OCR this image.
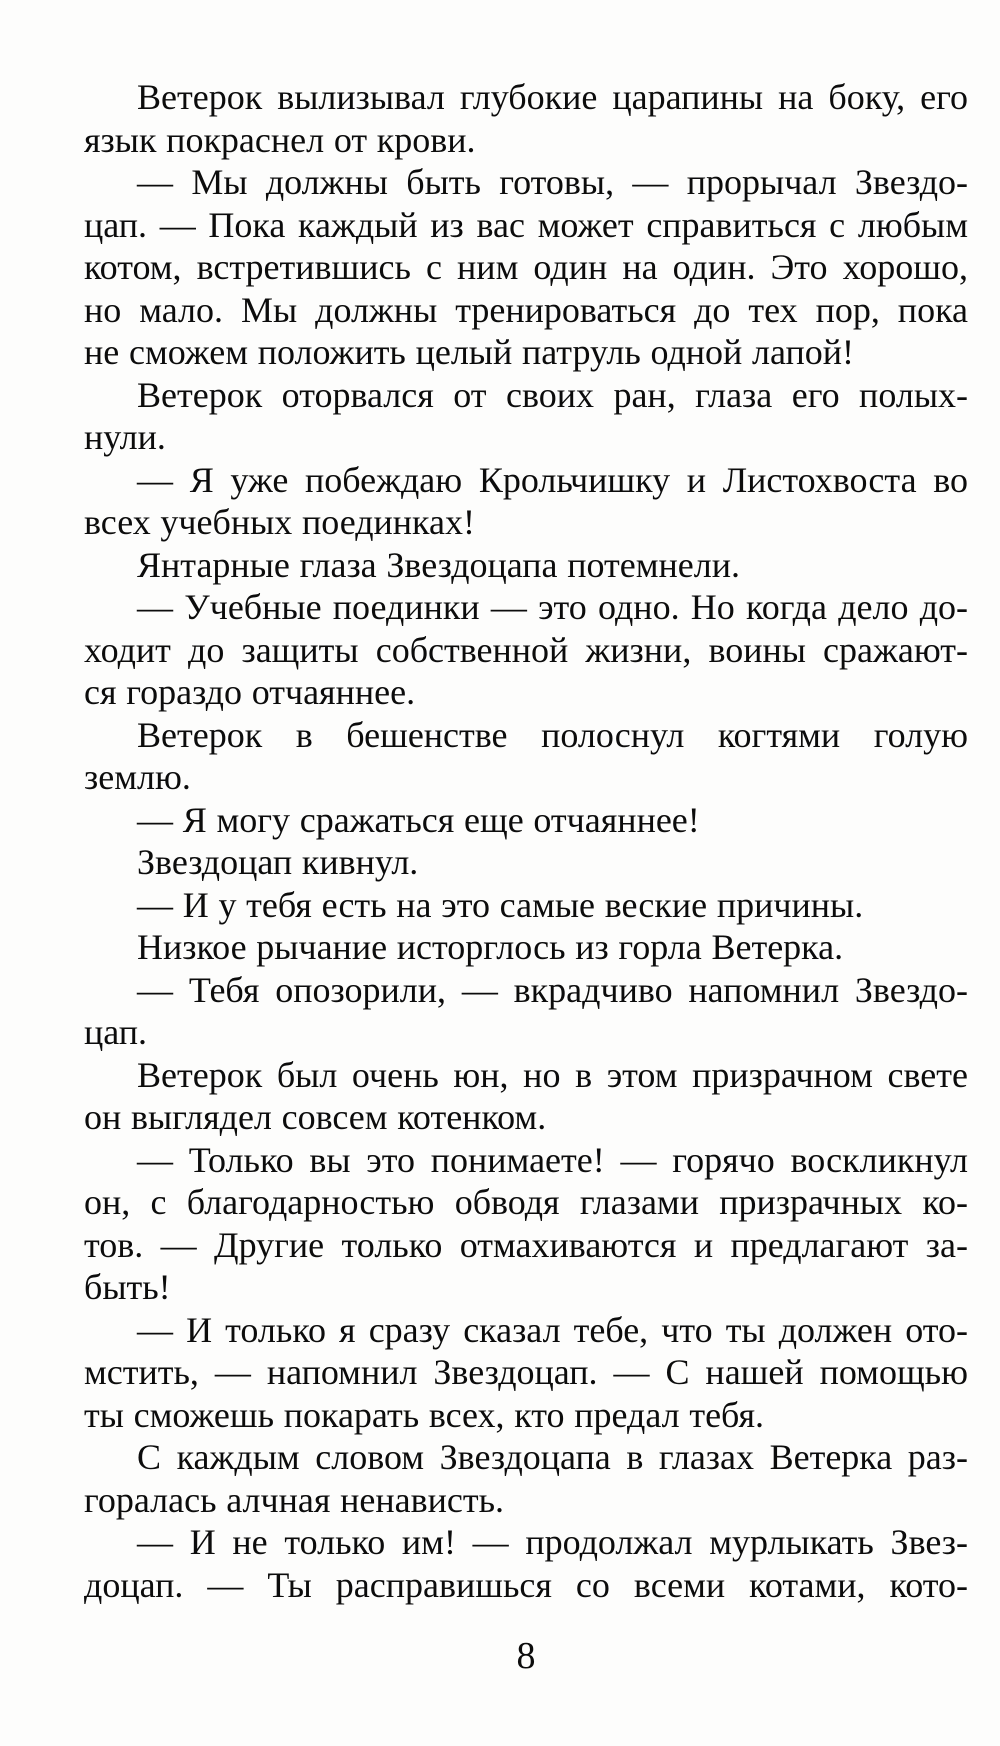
Ветерок вылизывал глубокие царапины на боку, его
язык покраснел от крови.
— Мы должны быть готовы, — прорычал Звездо-
цап. — Пока каждый из вас может справиться с любым
котом, встретившись с ним один на один. Это хорошо,
но мало. Мы должны тренироваться до тех пор, пока
не сможем положить целый патруль одной лапой!
Ветерок оторвался от своих ран, глаза его полых-
нули.
— Я уже побеждаю Крольчишку и Листохвоста во
всех учебных поединках!
Янтарные глаза Звездоцапа потемнели.
— Учебные поединки — это одно. Но когда дело до-
ходит до защиты собственной жизни, воины сражают-
ся гораздо отчаяннее.
Ветерок в бешенстве полоснул когтями голую
землю.
— Я могу сражаться еще отчаяннее!
Звездоцап кивнул.
— И у тебя есть на это самые веские причины.
Низкое рычание исторглось из горла Ветерка.
— Тебя опозорили, — вкрадчиво напомнил Звездо-
цап.
Ветерок был очень юн, но в этом призрачном свете
он выглядел совсем котенком.
— Только вы это понимаете! — горячо воскликнул
он, с благодарностью обводя глазами призрачных ко-
тов. — Другие только отмахиваются и предлагают за-
быть!
— И только я сразу сказал тебе, что ты должен ото-
мстить, — напомнил Звездоцап. — С нашей помощью
ты сможешь покарать всех, кто предал тебя.
С каждым словом Звездоцапа в глазах Ветерка раз-
горалась алчная ненависть.
— И не только им! — продолжал мурлыкать Звез-
доцап. — Ты расправишься со всеми котами, кото-
8
